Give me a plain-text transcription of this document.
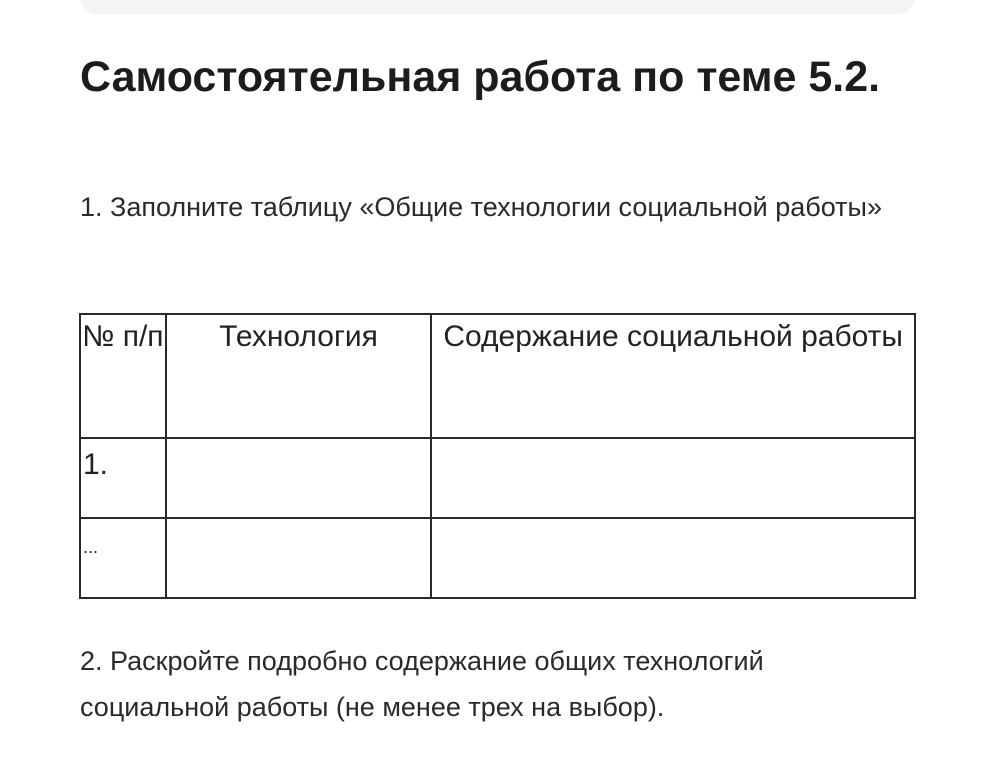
Самостоятельная работа по теме 5.2.

1. Заполните таблицу «Общие технологии социальной работы»

№ п/п	Технология	Содержание социальной работы

1.		

...		

2. Раскройте подробно содержание общих технологий социальной работы (не менее трех на выбор).
